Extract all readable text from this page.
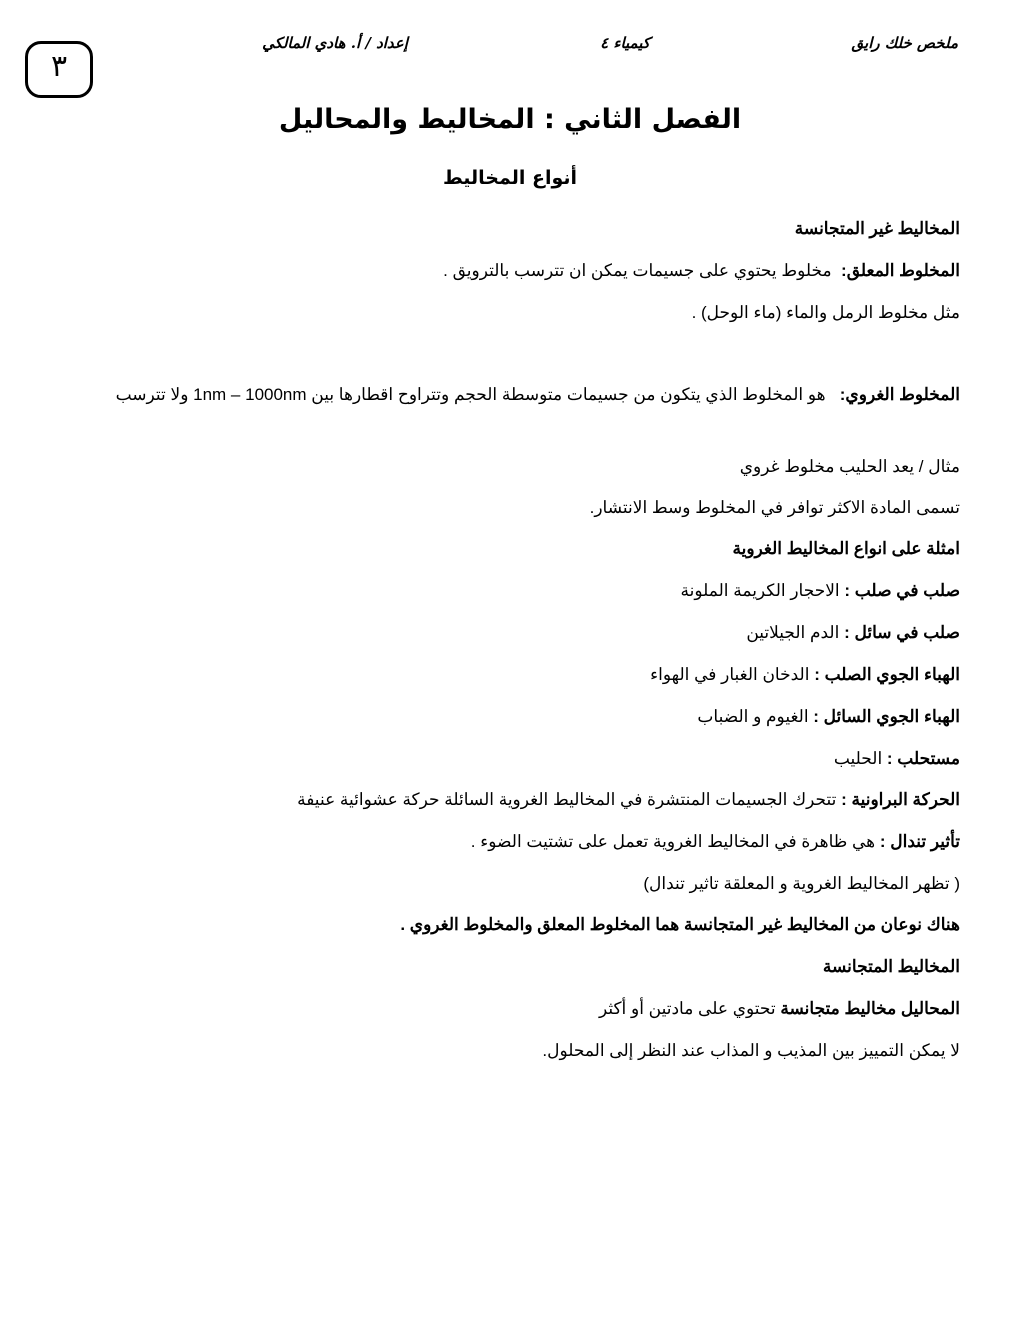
٣
ملخص خلك رايق
كيمياء ٤
إعداد / أ. هادي المالكي
الفصل الثاني : المخاليط والمحاليل
أنواع المخاليط
المخاليط غير المتجانسة
المخلوط المعلق:  مخلوط يحتوي على جسيمات يمكن ان تترسب بالترويق .
مثل مخلوط الرمل والماء (ماء الوحل) .
المخلوط الغروي:   هو المخلوط الذي يتكون من جسيمات متوسطة الحجم وتتراوح اقطارها بين 1nm – 1000nm ولا تترسب
مثال / يعد الحليب مخلوط غروي
تسمى المادة الاكثر توافر في المخلوط وسط الانتشار.
امثلة على انواع المخاليط الغروية
صلب في صلب : الاحجار الكريمة الملونة
صلب في سائل : الدم الجيلاتين
الهباء الجوي الصلب : الدخان الغبار في الهواء
الهباء الجوي السائل : الغيوم و الضباب
مستحلب : الحليب
الحركة البراونية : تتحرك الجسيمات المنتشرة في المخاليط الغروية السائلة حركة عشوائية عنيفة
تأثير تندال : هي ظاهرة في المخاليط الغروية تعمل على تشتيت الضوء .
( تظهر المخاليط الغروية و المعلقة تاثير تندال)
هناك نوعان من المخاليط غير المتجانسة هما المخلوط المعلق والمخلوط الغروي .
المخاليط المتجانسة
المحاليل مخاليط متجانسة تحتوي على مادتين أو أكثر
لا يمكن التمييز بين المذيب و المذاب عند النظر إلى المحلول.
